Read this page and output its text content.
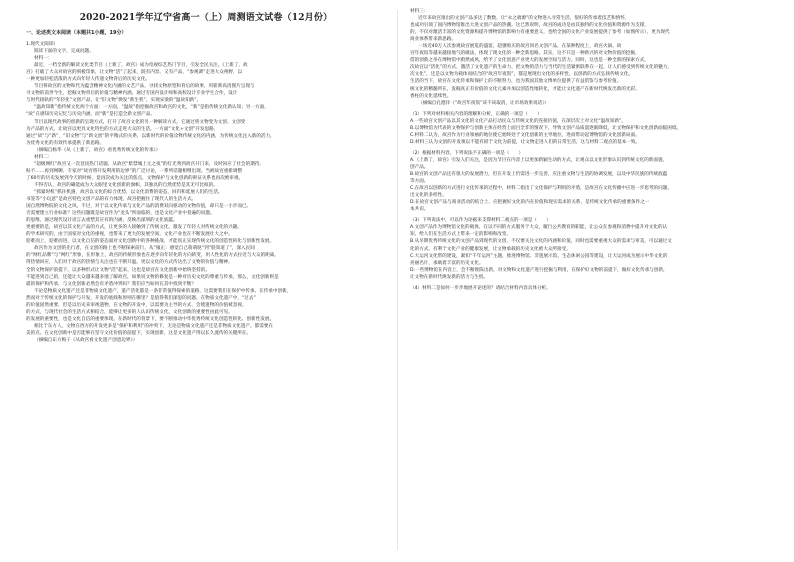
2020-2021学年辽宁省高一（上）周测语文试卷（12月份）

一、论述类文本阅读（本题共1小题，19分）

1.现代文阅读I

阅读下面的文字，完成问题。

材料一：

最近，一档全新的解读文化类节目《上新了，故宫》成为电视综艺热门节目，引发全民关注。《上新了，故

宫》打破了大众对故宫的刻板印象，让文物“活”了起来，既有内容，又有产品，“参观调”走进大众视野，以

一种更加轻松活泼的方式向年轻人传递文物背后的历史文化。

节目将故宫的文物和代为蕴含精神文化内涵的文艺产品，寻找文物原型和背后的故事，用崭新高清图片呈现与

寻文物的前世今生，挖掘文物背后的价值与精神内涵，通过专国内设计师和高校设计专业学生合作，设计

与时代接轨的“年轻化”文创产品，让“旧文物”焕发“新生机”，实现宋梁的“温故知新”。

“温故知新”指传统文化两个方面：一方面，“温故”指挖掘故宫和故宫的文化，“新”是指传统文化新认知；另一方面，

“故”在感知历史记忆与历史内涵，而“新”是打造全新文创产品。

节目以现代故事的创新的呈现方式，打开了故宫文化的另一种解读方式，它通过将文物变为文创、文创变

为产品的方式，让故宫以更具文化特色的方式走进大众的生活。一方面“文化+文创”开发思路，

通过“故”与“新”，“旧文物”与“新文创”的平衡式的关系，以新时代的价值诠释传统文化的内涵，为传统文化注入新的活力，

为优秀文化的有效传承提供了新思路。

（摘编自杨华《从《上新了，故宫》看优秀传统文化的传承》）

材料二：

“超级网红”故宫又一次登顶热门话题。从故宫“紫禁城上元之夜”的灯光秀到故宫开门来，及时回应了社会的期待，

贴不……再到网聊、专家对“故宫将开发利用的边界”的广泛讨论，一系列话题相继出现。当被故宫重新调整

了60年的历史发展到今天的时候，竟再次成为关注的焦点，文物保护与文化创新的辩证关系也再次被审视。

不得否认，故宫的确能成为大众眼里文化创新的旗帜，其独具的自然优势是其无可比拟的。

“抓紧时机”抓住机遇，故宫以文化的综合优势，以文化消费的姿态，回归和延展人们的生活。

书签等“小玩意”是故宫特色文创产品的有力体现，故宫把握住了现代人的生活方式。

国自然博物院的文化之风。不过，对于以文化传承与文化产品的消费双向驱动的文物价值，却只是一小步而已。

否需要建立行业标准？这些问题既是故宫作为“龙头”所面临的，也是文化产业中普遍的问题。

的思维，通过现代设计语言去重塑其应有的内涵，反映出深刻的文化底蕴。

更重要的是，故宫以其文化产品的方式，让更多的人接触到了传统文化，激发了年轻人对传统文化的兴趣。

的学术研究的，由于国家对文化的重视，也带来了更大的发展空间，文化产业也在不断发展壮大之中。

迎难而上，迎难而进，以文化自信的姿态面对文化创新中的各种挑战，才能真正实现传统文化的创造性转化与创新性发展。

故宫作为文创的先行者，在文创的路上也不断探索前行，从“雍正：感觉自己萌萌哒”到“朕知道了”，深入民间

的“网红品牌”与“网红”形象，在形象上，故宫的传统形象也在逐步向年轻化的方向转变，用人性化的方式拉近与大众的距离。

得热情回应，人们对于故宫的热情与关注也在不断升温。更以文化的方式传达出了文物的价值与精神。

全的文物保护前提下，以多种形式让文物“活”起来，这也是故宫在文化创新中始终坚持的。

不能进到自己的，还能让大众越来越多地了解故宫，如果说文物的修复是一种对历史文化的尊重与传承，那么，文化创新则是

就的保护和传承，与文化创新必然会有矛盾冲突吗？我们应当如何在其中找到平衡？

不论是物质文化遗产还是非物质文化遗产，遗产活化都是一条非常值得探索的道路，这需要我们在保护中传承、在传承中创新。

然而对于传统文化的保护与开发，开发的底线和原则在哪里？是值得我们深思的问题。在物质文化遗产中，“过去”

的价值固然重要，但是以历史来审视遗物，在文物的开发中，以需要为主导的方式，会使遗物的价值被忽视。

的方式，与现代社会的生活方式相结合，能够让更多的人认识传统文化，文化创新的重要性由此可见。

的发展的重要性，也是文化自信的重要体现。在新时代的背景下，要不断推动中华优秀传统文化创造性转化、创新性发展。

相比于东方人，文物在西方的开发更多是“保护和利用”的冲突下，无论是物质文化遗产还是非物质文化遗产，都需要在

美的点。在文化创新中是否能够在坚守文化价值的前提下，实现创新，这是文化遗产得以长久流传的关键所在。

（摘编自东方梅子《从故宫看文化遗产创意边界》）

材料三：

近年来故宫推出的文创产品多达了数数，让“永之端源”的文物进入寻常生活，很好的传承着技艺和情怀，

也成功引领了国内博物馆推出大进文创产品的热潮。这已然说明，故宫的成功是由其独特的文化价值和资源作为支撑，

的，不仅对激活丰富的文化资源和提升博物馆的影响力有重要意义，也给全国的文化产业发展提供了参考（如图所示），更为现代

商业体系带来新思路。

一场近40万人次参观故宫展览的盛宴，超强购买的故宫同名文创产品，在某种程度上，故宫火锅、故

宫年夜饭等越来越接地气的做法，体现了现文化的一种全新思路。其实，这不只是一种新兴的对文物价值的挖掘，

借的创新之举在博物馆中蔚然成风，给予了文化创意产业更大的发展空间与活力。同时，这也是一种全新的探索方式，

次故宫以“活化”的方式，激活了文化遗产的生命力，把文物的活力与当代的生活紧密联系在一起，让人们感受到传统文化的魅力，

次文化”，还是以文物为载体而结合的“故宫年夜饭”，都是展现出文化的多样性，以创新的方式弘扬传统文化。

生活的当下，故宫在文化传承和保护上的不断努力，也为我国其他文博单位提供了有益借鉴与参考价值。

统文化的精髓所在，发掘真正有价值的文化元素并加以创造性地转化，才能让文化遗产在新时代焕发出新的光彩。

香柱的文化延续性。

（摘编自孔德洋《“故宫年夜饭”该不该取消，让市场效果说话》）

（1）下列对材料相关内容的理解和分析，正确的一项是（　　）

A.一些故宫文创产品以其文化的文化产品打动民众与传统文化的连接价值，在深层次上对文化“温故知新”。

B.以博物馆为代表的文物保护与创新主体在经营上面目全非的情况下，导致文创产品质量逐渐降低，让文物保护和文化创新面临困境。

C.材料二认为，故宫作为行业领袖的地位使它始终处于文化创新的主导地位，进而带动起博物馆的文化创新局面。

D.材料三认为文创的开发须以不能有损于文化为前提，让文物走进人们的日常生活，这与材料二观点的基本一致。

（2）根据材料内容，下列说法不正确的一项是（　　）

A.《上新了，故宫》引发人们关注，是因为节目在内容上以更加新颖生动的方式，让观众以文化形象认识到传统文化的新面貌。

创产品。

B.故宫的文创产品还有很大的发展潜力，但在开发上仍需进一步完善，应注重文物与生活的协调发展，以及中华民族的传统底蕴

等方面。

C.在故宫以创新的方式进行文化传承的过程中，材料二指出了文化保护与利用的矛盾，是故宫在文化传播中应进一步思考的问题。

出文化的多样性。

D.在故宫文创产品与商业活动的结合上，应把握好文化的内在价值和现实需求的关系，是传统文化传承的重要条件之一

本共识。

（3）下列说法中，可以作为论据来支撑材料二观点的一项是（　　）

A.文创产品作为博物馆文化的载体，在以不同的方式服务于大众，履行公共教育的职能，让公众在参观和消费中提升对文化的认

知，给人们在生活方式上带来一定的影响和改变。

B.从早期优秀传统文化的文创产品到现代的文创，不仅要关注文化的内涵和价值，同时也需要重视大众的需求与审美，可以通过文

化的方式，有利于文化产业的健康发展，让文物承载的历史文化被大众所接受。

C.大运河文化带的建设，紧扣“千年运河”主题，推进博物馆、非遗展示馆、生态休闲公园等建设，让大运河成为展示中华文化的

亮丽名片，承载着丰富的历史文化。

D.一些博物馆在内容上，会不断推陈出新，对文物和文化遗产进行挖掘与利用，在保护好文物的前提下，做好文化传承与创新，

让文物在新时代焕发新的活力与生机。

（4）材料二是如何一步步地展开论述的？请结合材料内容具体分析。
